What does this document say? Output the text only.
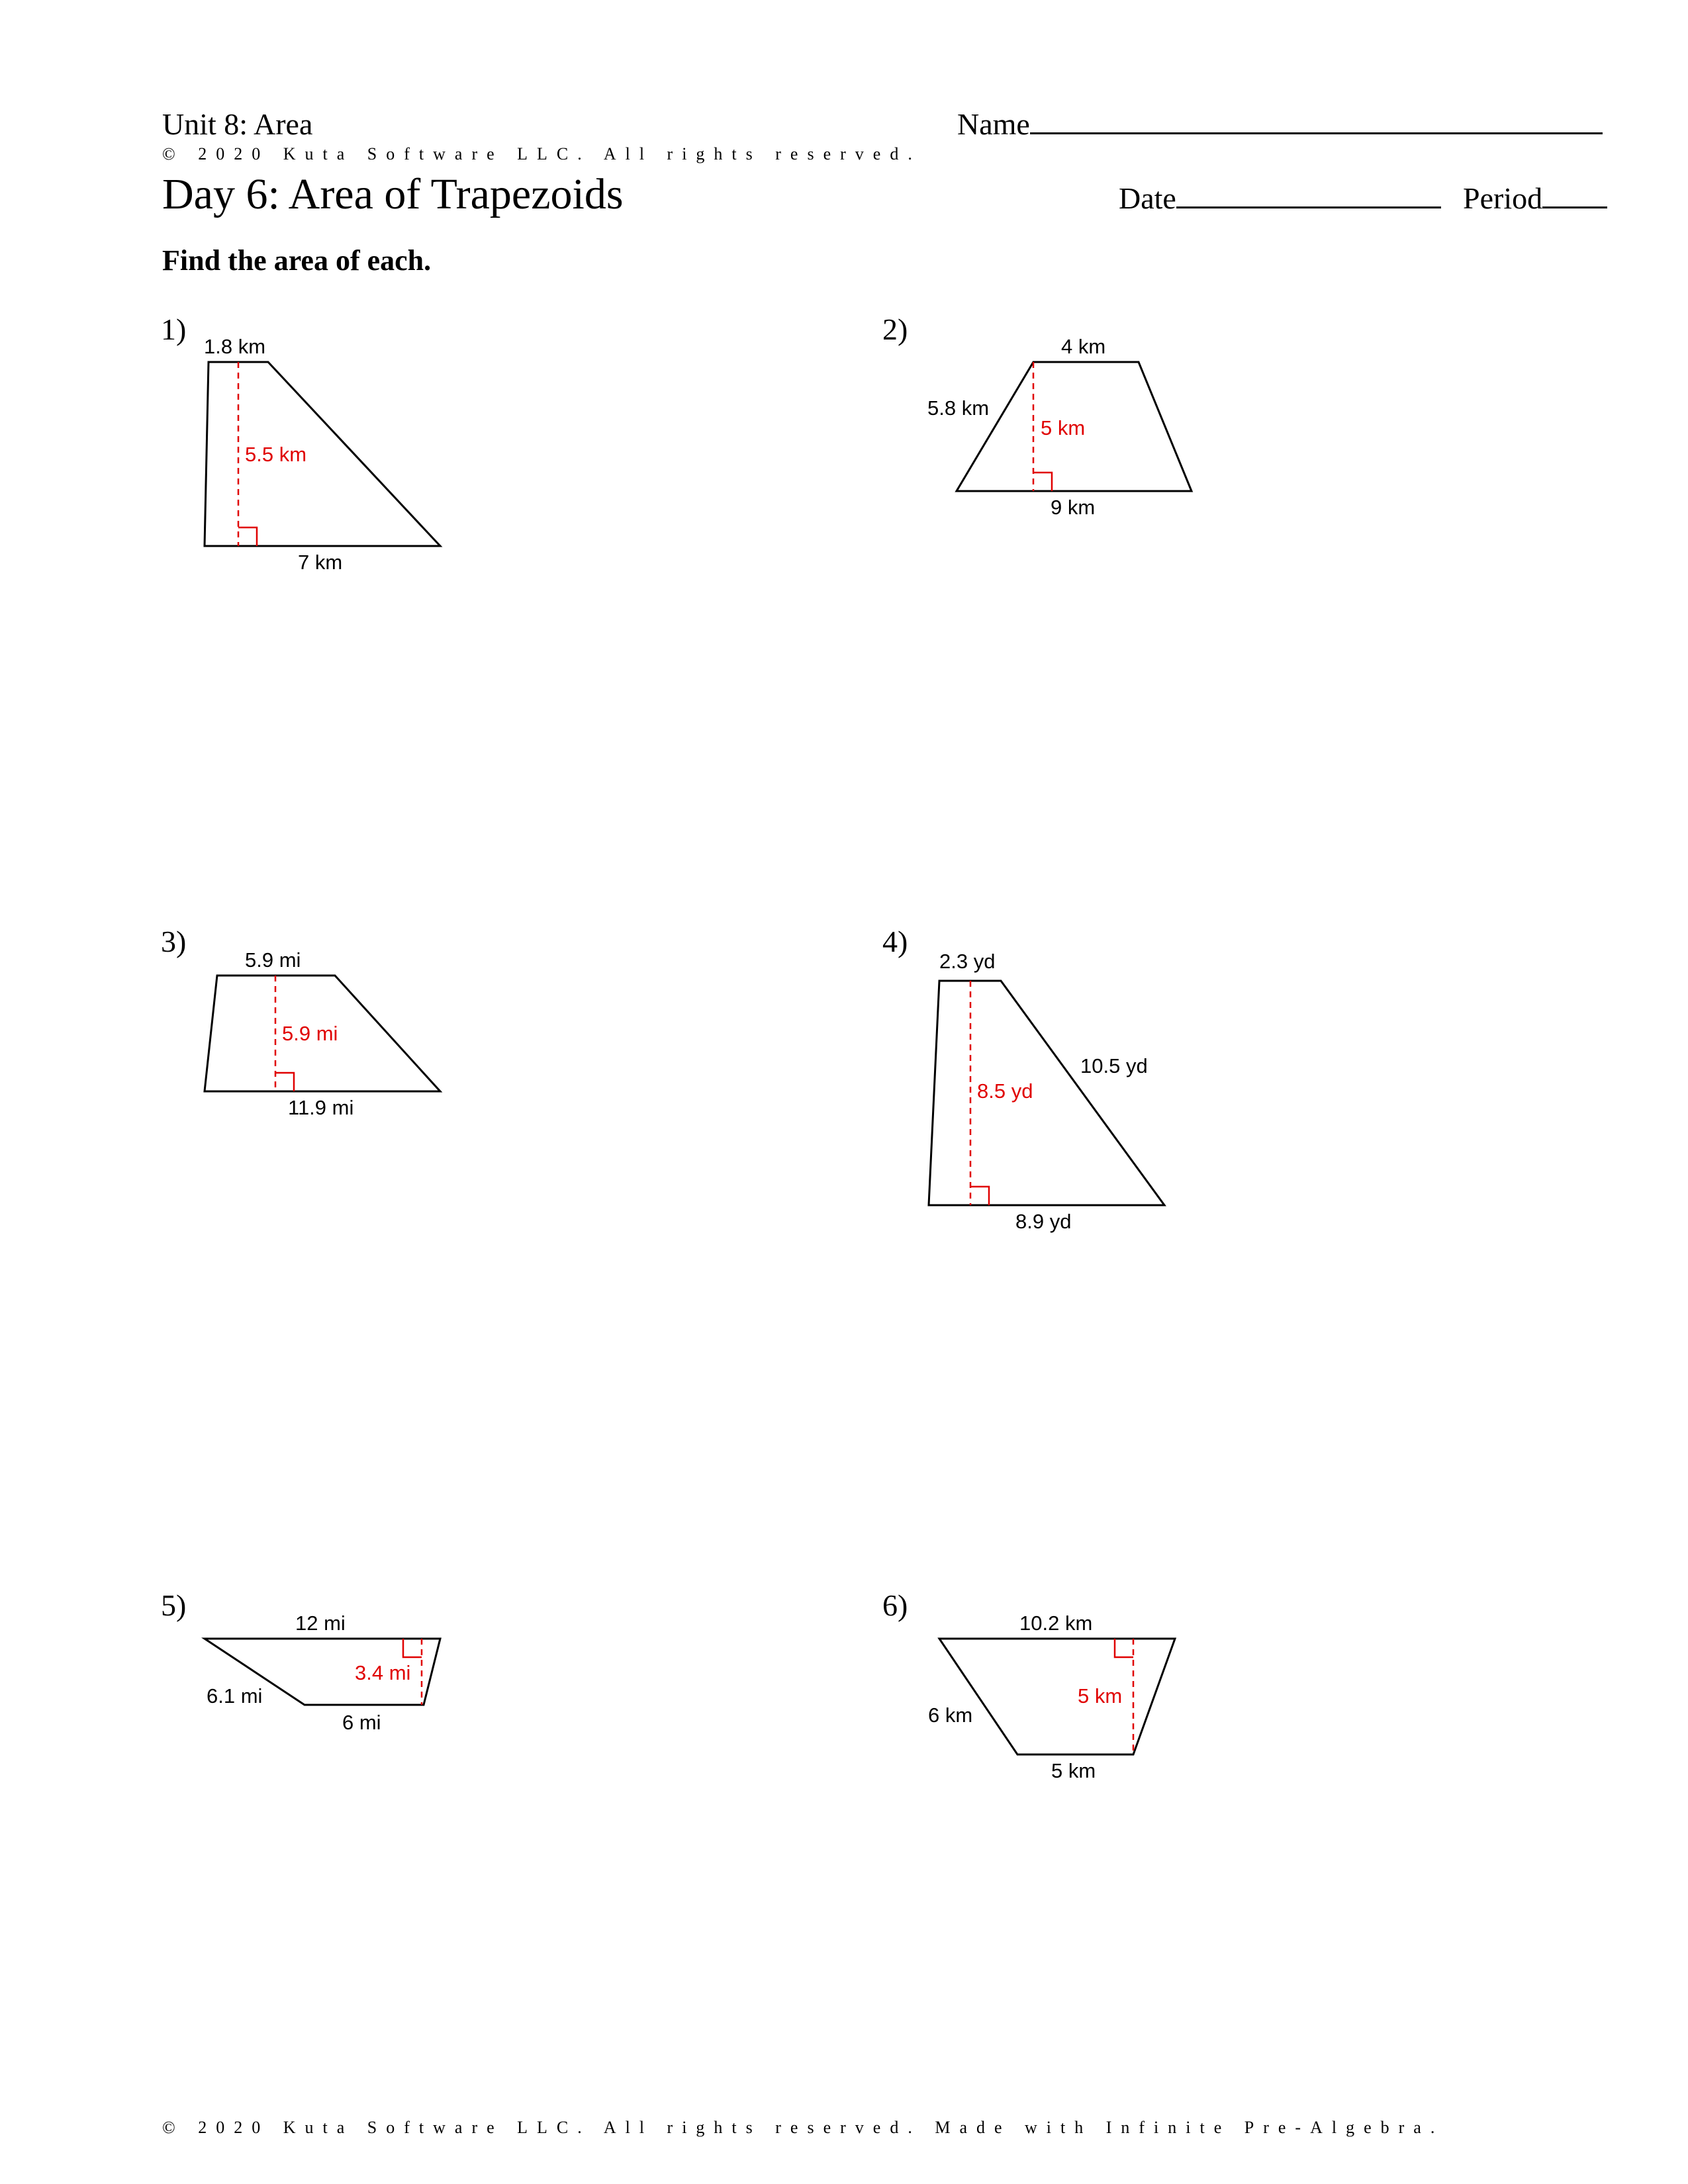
Unit 8: Area	Name
© 2020 Kuta Software LLC. All rights reserved.
Day 6: Area of Trapezoids	Date	Period
Find the area of each.
1)	2)
3)	4)
5)	6)
1.8 km
5.5 km
7 km
4 km
5.8 km
5 km
9 km
5.9 mi
5.9 mi
11.9 mi
2.3 yd
10.5 yd
8.5 yd
8.9 yd
12 mi
3.4 mi
6.1 mi
6 mi
10.2 km
6 km
5 km
5 km
© 2020 Kuta Software LLC. All rights reserved. Made with Infinite Pre-Algebra.
